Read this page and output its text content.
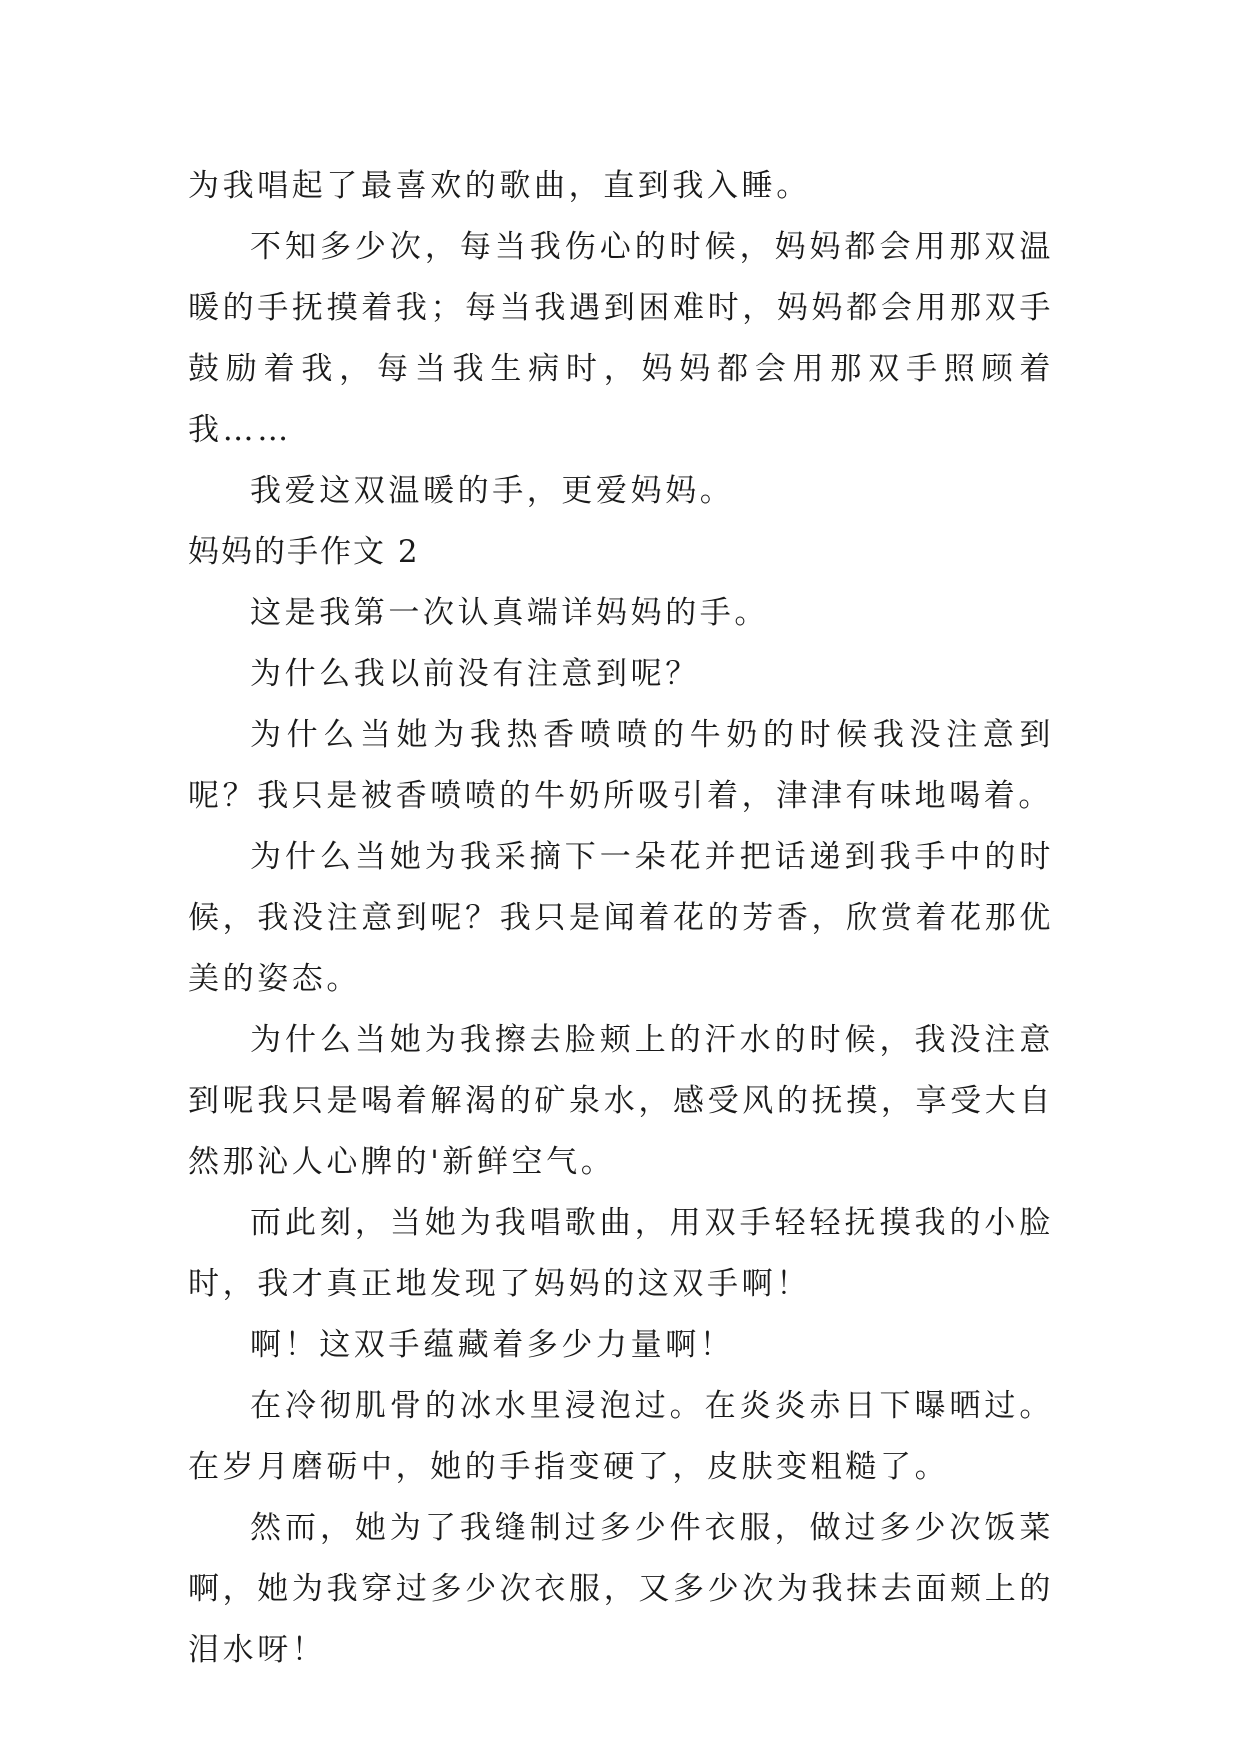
为我唱起了最喜欢的歌曲，直到我入睡。

不知多少次，每当我伤心的时候，妈妈都会用那双温暖的手抚摸着我；每当我遇到困难时，妈妈都会用那双手鼓励着我，每当我生病时，妈妈都会用那双手照顾着我……

我爱这双温暖的手，更爱妈妈。

妈妈的手作文 2

这是我第一次认真端详妈妈的手。

为什么我以前没有注意到呢？

为什么当她为我热香喷喷的牛奶的时候我没注意到呢？我只是被香喷喷的牛奶所吸引着，津津有味地喝着。

为什么当她为我采摘下一朵花并把话递到我手中的时候，我没注意到呢？我只是闻着花的芳香，欣赏着花那优美的姿态。

为什么当她为我擦去脸颊上的汗水的时候，我没注意到呢我只是喝着解渴的矿泉水，感受风的抚摸，享受大自然那沁人心脾的'新鲜空气。

而此刻，当她为我唱歌曲，用双手轻轻抚摸我的小脸时，我才真正地发现了妈妈的这双手啊！

啊！这双手蕴藏着多少力量啊！

在冷彻肌骨的冰水里浸泡过。在炎炎赤日下曝晒过。在岁月磨砺中，她的手指变硬了，皮肤变粗糙了。

然而，她为了我缝制过多少件衣服，做过多少次饭菜啊，她为我穿过多少次衣服，又多少次为我抹去面颊上的泪水呀！
